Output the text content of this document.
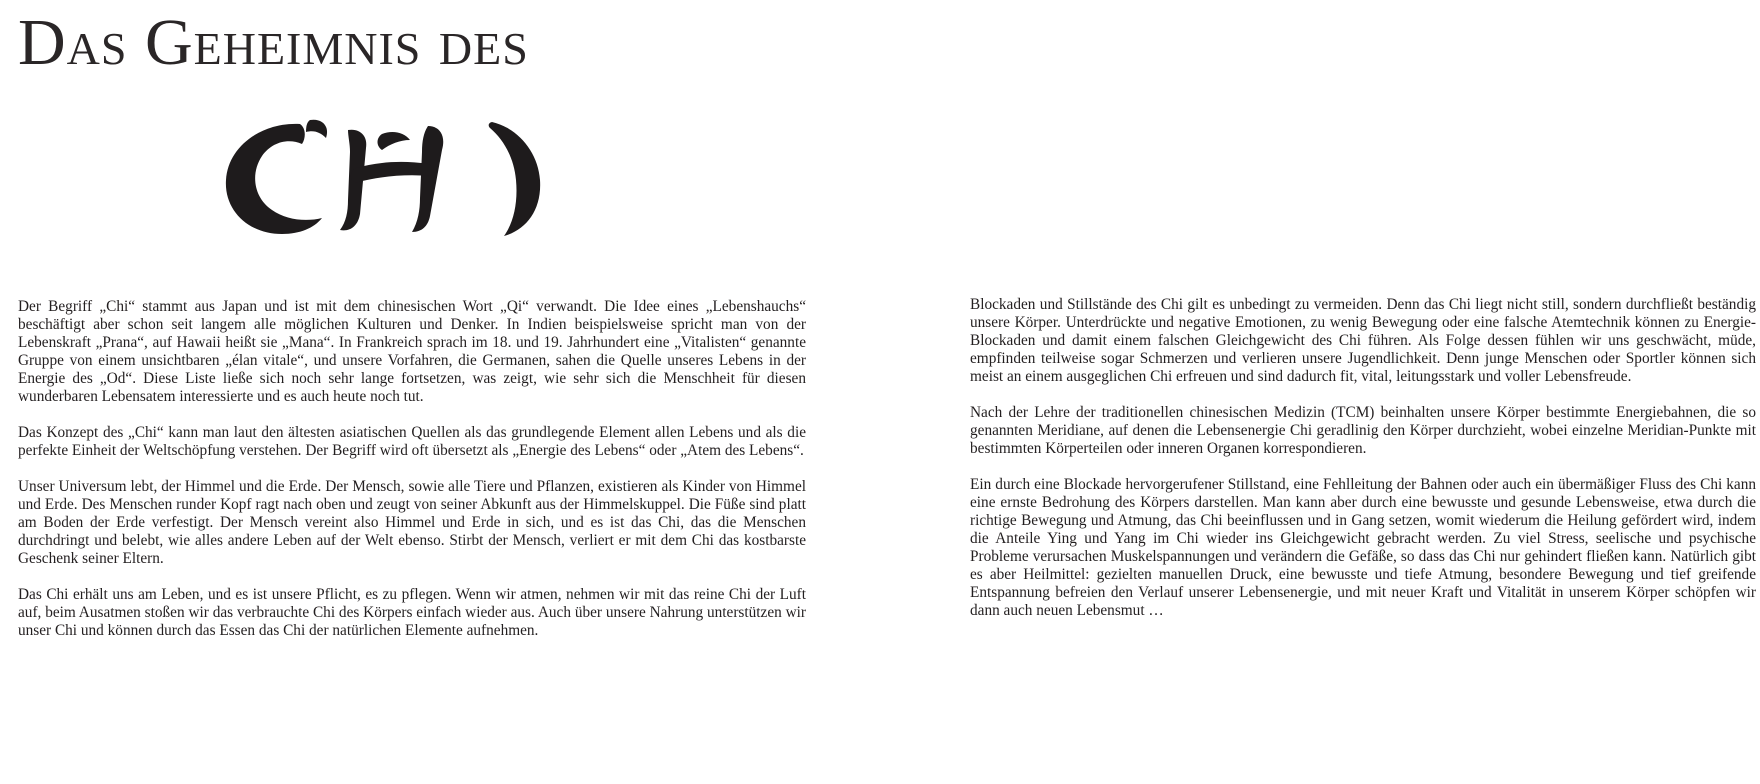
Das Geheimnis des

Der Begriff „Chi“ stammt aus Japan und ist mit dem chinesischen Wort „Qi“ verwandt. Die Idee eines „Lebenshauchs“ beschäftigt aber schon seit langem alle möglichen Kulturen und Denker. In Indien beispielsweise spricht man von der Lebenskraft „Prana“, auf Hawaii heißt sie „Mana“. In Frankreich sprach im 18. und 19. Jahrhundert eine „Vitalisten“ genannte Gruppe von einem unsichtbaren „élan vitale“, und unsere Vorfahren, die Germanen, sahen die Quelle unseres Lebens in der Energie des „Od“. Diese Liste ließe sich noch sehr lange fortsetzen, was zeigt, wie sehr sich die Menschheit für diesen wunderbaren Lebensatem interessierte und es auch heute noch tut.

Das Konzept des „Chi“ kann man laut den ältesten asiatischen Quellen als das grundlegende Element allen Lebens und als die perfekte Einheit der Weltschöpfung verstehen. Der Begriff wird oft übersetzt als „Energie des Lebens“ oder „Atem des Lebens“.

Unser Universum lebt, der Himmel und die Erde. Der Mensch, sowie alle Tiere und Pflanzen, existieren als Kinder von Himmel und Erde. Des Menschen runder Kopf ragt nach oben und zeugt von seiner Abkunft aus der Himmelskuppel. Die Füße sind platt am Boden der Erde verfestigt. Der Mensch vereint also Himmel und Erde in sich, und es ist das Chi, das die Menschen durchdringt und belebt, wie alles andere Leben auf der Welt ebenso. Stirbt der Mensch, verliert er mit dem Chi das kostbarste Geschenk seiner Eltern.

Das Chi erhält uns am Leben, und es ist unsere Pflicht, es zu pflegen. Wenn wir atmen, nehmen wir mit das reine Chi der Luft auf, beim Ausatmen stoßen wir das verbrauchte Chi des Körpers einfach wieder aus. Auch über unsere Nahrung unterstützen wir unser Chi und können durch das Essen das Chi der natürlichen Elemente aufnehmen.

Blockaden und Stillstände des Chi gilt es unbedingt zu vermeiden. Denn das Chi liegt nicht still, sondern durchfließt beständig unsere Körper. Unterdrückte und negative Emotionen, zu wenig Bewegung oder eine falsche Atemtechnik können zu Energie-Blockaden und damit einem falschen Gleichgewicht des Chi führen. Als Folge dessen fühlen wir uns geschwächt, müde, empfinden teilweise sogar Schmerzen und verlieren unsere Jugendlichkeit. Denn junge Menschen oder Sportler können sich meist an einem ausgeglichen Chi erfreuen und sind dadurch fit, vital, leitungsstark und voller Lebensfreude.

Nach der Lehre der traditionellen chinesischen Medizin (TCM) beinhalten unsere Körper bestimmte Energiebahnen, die so genannten Meridiane, auf denen die Lebensenergie Chi geradlinig den Körper durchzieht, wobei einzelne Meridian-Punkte mit bestimmten Körperteilen oder inneren Organen korrespondieren.

Ein durch eine Blockade hervorgerufener Stillstand, eine Fehlleitung der Bahnen oder auch ein übermäßiger Fluss des Chi kann eine ernste Bedrohung des Körpers darstellen. Man kann aber durch eine bewusste und gesunde Lebensweise, etwa durch die richtige Bewegung und Atmung, das Chi beeinflussen und in Gang setzen, womit wiederum die Heilung gefördert wird, indem die Anteile Ying und Yang im Chi wieder ins Gleichgewicht gebracht werden. Zu viel Stress, seelische und psychische Probleme verursachen Muskelspannungen und verändern die Gefäße, so dass das Chi nur gehindert fließen kann. Natürlich gibt es aber Heilmittel: gezielten manuellen Druck, eine bewusste und tiefe Atmung, besondere Bewegung und tief greifende Entspannung befreien den Verlauf unserer Lebensenergie, und mit neuer Kraft und Vitalität in unserem Körper schöpfen wir dann auch neuen Lebensmut …
